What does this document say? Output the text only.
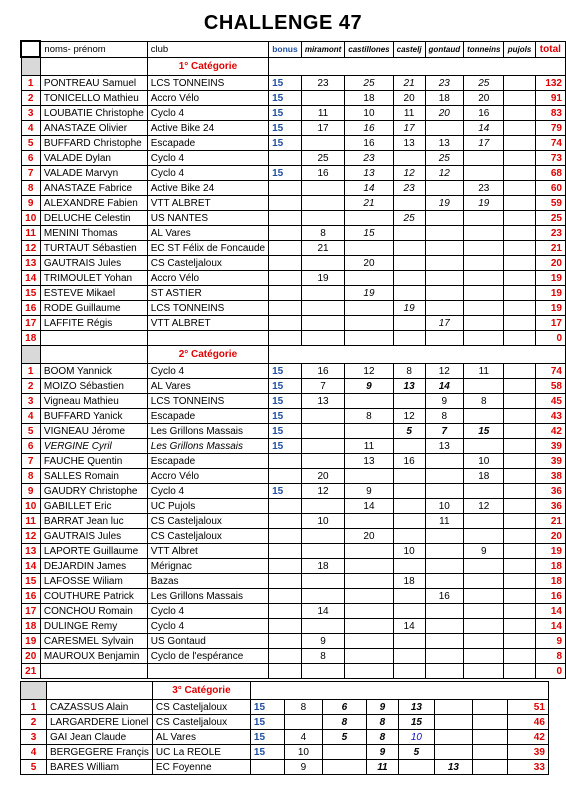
CHALLENGE 47
	noms- prénom	club	bonus	miramont	castillones	castelj	gontaud	tonneins	pujols	total
		1° Catégorie								
1	PONTREAU Samuel	LCS TONNEINS	15	23	25	21	23	25		132
2	TONICELLO Mathieu	Accro Vélo	15		18	20	18	20		91
3	LOUBATIE Christophe	Cyclo 4	15	11	10	11	20	16		83
4	ANASTAZE Olivier	Active Bike 24	15	17	16	17		14		79
5	BUFFARD Christophe	Escapade	15		16	13	13	17		74
6	VALADE Dylan	Cyclo 4		25	23		25			73
7	VALADE Marvyn	Cyclo 4	15	16	13	12	12			68
8	ANASTAZE Fabrice	Active Bike 24			14	23		23		60
9	ALEXANDRE Fabien	VTT ALBRET			21		19	19		59
10	DELUCHE Celestin	US NANTES				25				25
11	MENINI Thomas	AL Vares		8	15					23
12	TURTAUT Sébastien	EC ST Félix de Foncaude		21						21
13	GAUTRAIS Jules	CS Casteljaloux			20					20
14	TRIMOULET Yohan	Accro Vélo		19						19
15	ESTEVE Mikael	ST ASTIER			19					19
16	RODE Guillaume	LCS TONNEINS				19				19
17	LAFFITE Régis	VTT ALBRET					17			17
18										0
		2° Catégorie								
1	BOOM Yannick	Cyclo 4	15	16	12	8	12	11		74
2	MOIZO Sébastien	AL Vares	15	7	9	13	14			58
3	Vigneau Mathieu	LCS TONNEINS	15	13			9	8		45
4	BUFFARD Yanick	Escapade	15		8	12	8			43
5	VIGNEAU Jérome	Les Grillons Massais	15			5	7	15		42
6	VERGINE Cyril	Les Grillons Massais	15		11		13			39
7	FAUCHE Quentin	Escapade			13	16		10		39
8	SALLES Romain	Accro Vélo		20				18		38
9	GAUDRY Christophe	Cyclo 4	15	12	9					36
10	GABILLET Eric	UC Pujols			14		10	12		36
11	BARRAT Jean luc	CS Casteljaloux		10			11			21
12	GAUTRAIS Jules	CS Casteljaloux			20					20
13	LAPORTE Guillaume	VTT Albret				10		9		19
14	DEJARDIN James	Mérignac		18						18
15	LAFOSSE Wiliam	Bazas				18				18
16	COUTHURE Patrick	Les Grillons Massais					16			16
17	CONCHOU Romain	Cyclo 4		14						14
18	DULINGE Remy	Cyclo 4				14				14
19	CARESMEL Sylvain	US Gontaud		9						9
20	MAUROUX Benjamin	Cyclo de l'espérance		8						8
21										0
		3° Catégorie								
1	CAZASSUS Alain	CS Casteljaloux	15	8	6	9	13			51
2	LARGARDERE Lionel	CS Casteljaloux	15		8	8	15			46
3	GAI Jean Claude	AL Vares	15	4	5	8	10			42
4	BERGEGERE Françis	UC La REOLE	15	10		9	5			39
5	BARES William	EC Foyenne		9		11		13		33
